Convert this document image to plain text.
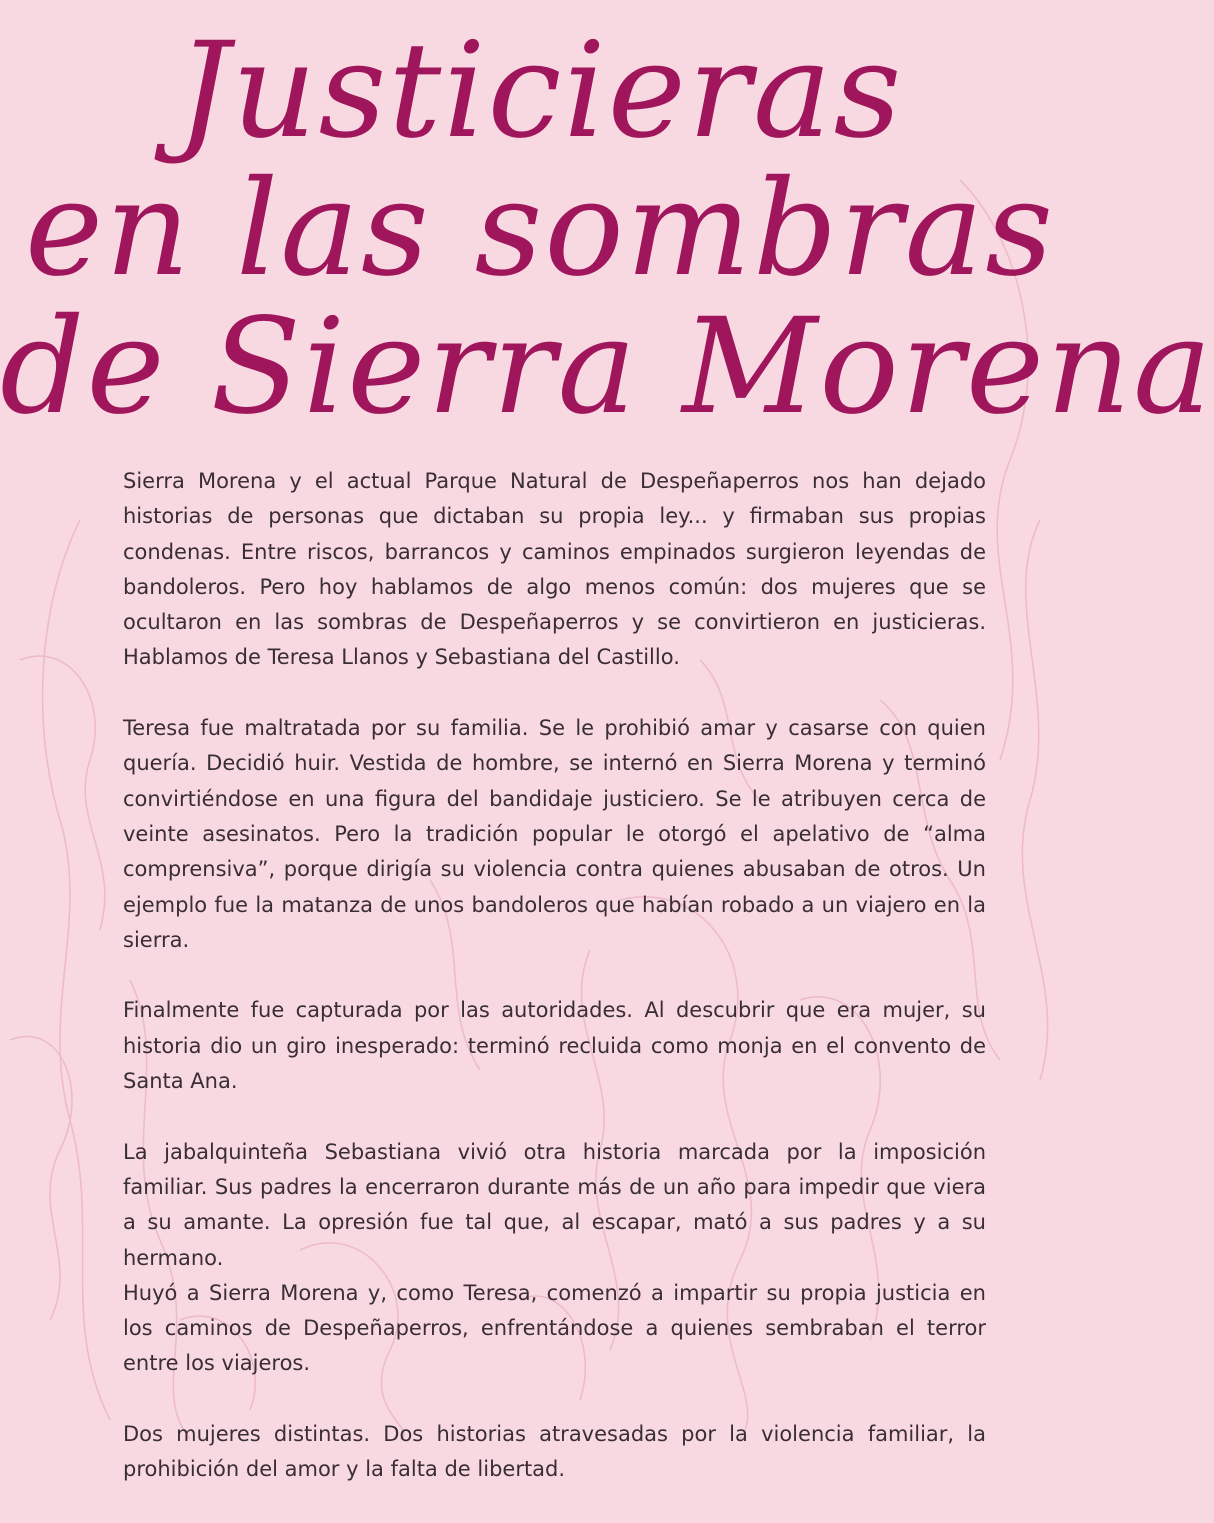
Justicieras
en las sombras
de Sierra Morena

Sierra Morena y el actual Parque Natural de Despeñaperros nos han dejado historias de personas que dictaban su propia ley... y firmaban sus propias condenas. Entre riscos, barrancos y caminos empinados surgieron leyendas de bandoleros. Pero hoy hablamos de algo menos común: dos mujeres que se ocultaron en las sombras de Despeñaperros y se convirtieron en justicieras. Hablamos de Teresa Llanos y Sebastiana del Castillo.

Teresa fue maltratada por su familia. Se le prohibió amar y casarse con quien quería. Decidió huir. Vestida de hombre, se internó en Sierra Morena y terminó convirtiéndose en una figura del bandidaje justiciero. Se le atribuyen cerca de veinte asesinatos. Pero la tradición popular le otorgó el apelativo de “alma comprensiva”, porque dirigía su violencia contra quienes abusaban de otros. Un ejemplo fue la matanza de unos bandoleros que habían robado a un viajero en la sierra.

Finalmente fue capturada por las autoridades. Al descubrir que era mujer, su historia dio un giro inesperado: terminó recluida como monja en el convento de Santa Ana.

La jabalquinteña Sebastiana vivió otra historia marcada por la imposición familiar. Sus padres la encerraron durante más de un año para impedir que viera a su amante. La opresión fue tal que, al escapar, mató a sus padres y a su hermano.

Huyó a Sierra Morena y, como Teresa, comenzó a impartir su propia justicia en los caminos de Despeñaperros, enfrentándose a quienes sembraban el terror entre los viajeros.

Dos mujeres distintas. Dos historias atravesadas por la violencia familiar, la prohibición del amor y la falta de libertad.
